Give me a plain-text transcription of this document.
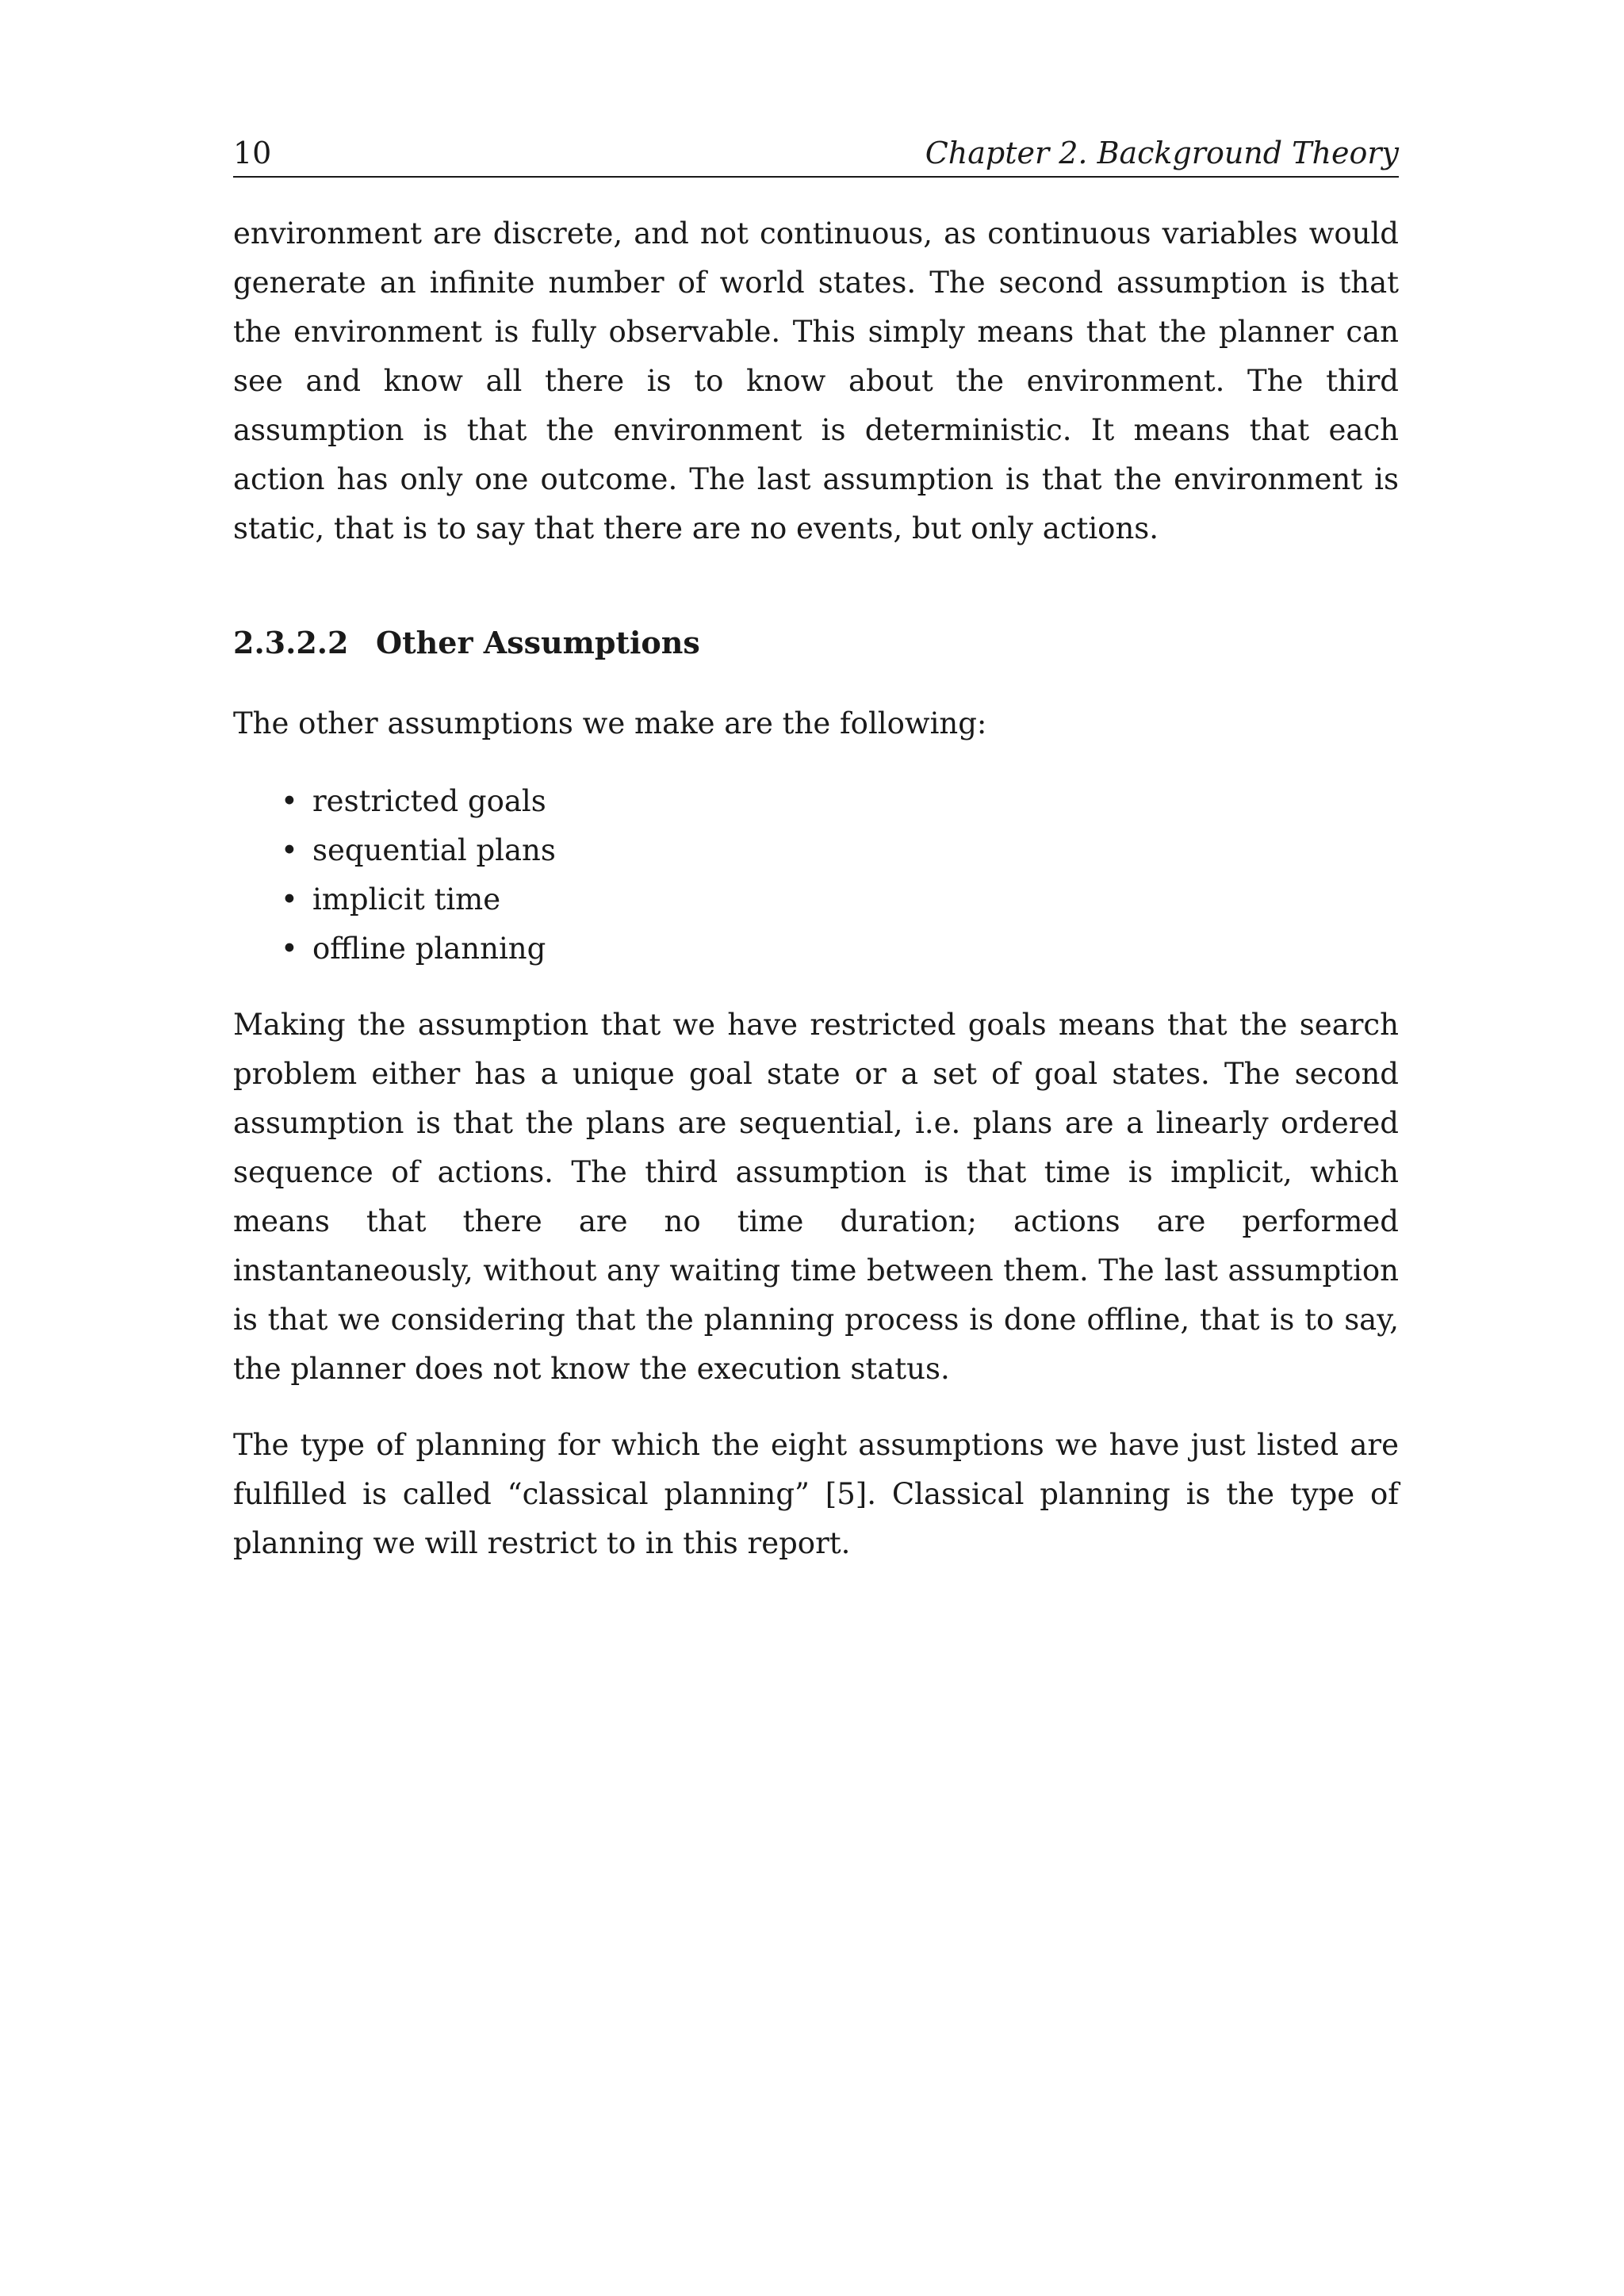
10	Chapter 2. Background Theory

environment are discrete, and not continuous, as continuous variables would generate an infinite number of world states. The second assumption is that the environment is fully observable. This simply means that the planner can see and know all there is to know about the environment. The third assumption is that the environment is deterministic. It means that each action has only one outcome. The last assumption is that the environment is static, that is to say that there are no events, but only actions.

2.3.2.2 Other Assumptions

The other assumptions we make are the following:

• restricted goals
• sequential plans
• implicit time
• offline planning

Making the assumption that we have restricted goals means that the search problem either has a unique goal state or a set of goal states. The second assumption is that the plans are sequential, i.e. plans are a linearly ordered sequence of actions. The third assumption is that time is implicit, which means that there are no time duration; actions are performed instantaneously, without any waiting time between them. The last assumption is that we considering that the planning process is done offline, that is to say, the planner does not know the execution status.

The type of planning for which the eight assumptions we have just listed are fulfilled is called “classical planning” [5]. Classical planning is the type of planning we will restrict to in this report.
